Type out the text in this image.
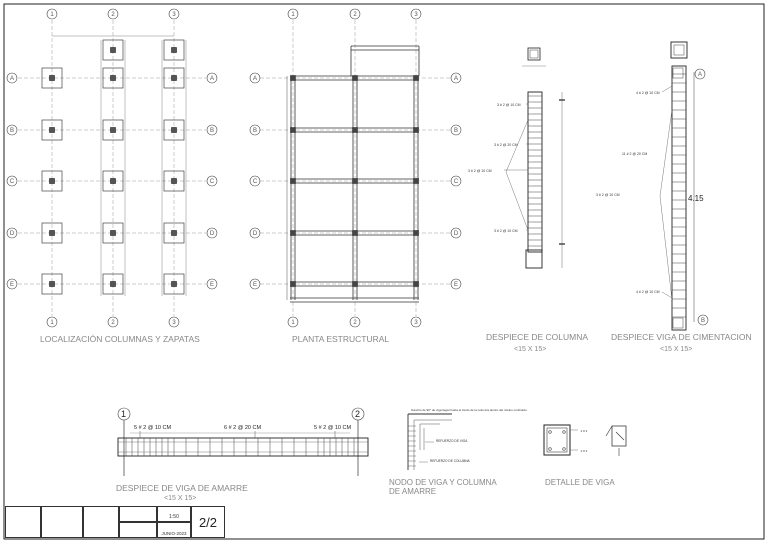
1
1
2
2
3
3
A	A
B	B
C	C
D	D
E	E
1
1
2
2
3
3
A	A
B	B
C	C
D	D
E	E
A
B
2 # 2
2 # 2
LOCALIZACIÓN COLUMNAS Y ZAPATAS	PLANTA ESTRUCTURAL	DESPIECE DE COLUMNA
<15 X 15>
DESPIECE VIGA DE CIMENTACION
<15 X 15>
DESPIECE DE VIGA DE AMARRE
<15 X 15>
NODO DE VIGA Y COLUMNA
DE AMARRE
DETALLE DE VIGA
3 # 2 @ 10 CM
3 # 2 @ 20 CM
3 # 2 @ 10 CM
3 # 2 @ 10 CM
4.15
4 # 2 @ 10 CM
11 # 2 @ 20 CM
3 # 2 @ 10 CM
4 # 2 @ 10 CM
5 # 2 @ 10 CM	6 # 2 @ 20 CM	5 # 2 @ 10 CM
1	2	Gancho de 90° de viga llegar hasta el fondo de la columna dentro del núcleo confinado
REFUERZO DE VIGA
REFUERZO DE COLUMNA
1:50
JUNIO-2023
2/2
